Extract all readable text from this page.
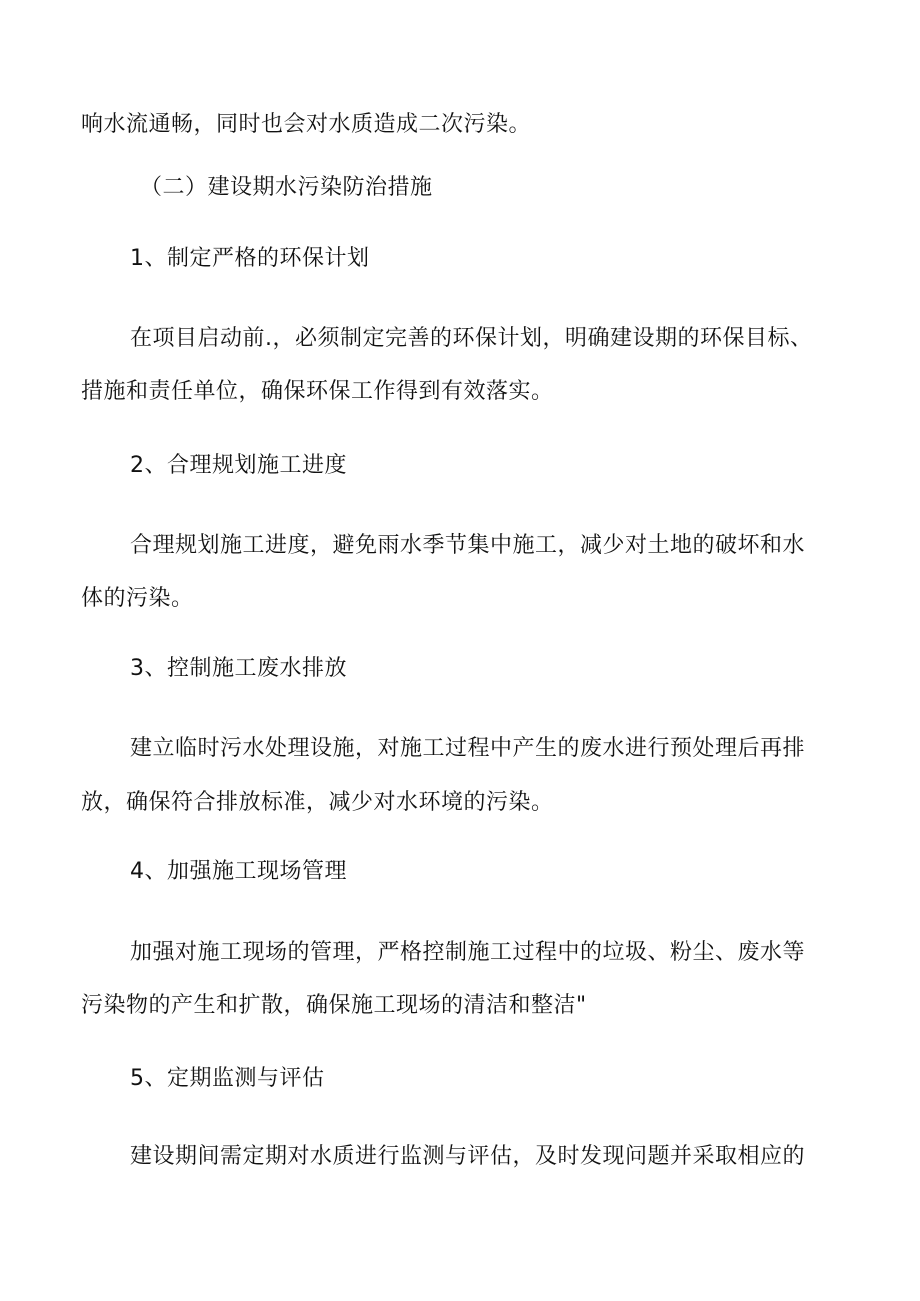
响水流通畅，同时也会对水质造成二次污染。

（二）建设期水污染防治措施

1、制定严格的环保计划

在项目启动前.，必须制定完善的环保计划，明确建设期的环保目标、

措施和责任单位，确保环保工作得到有效落实。

2、合理规划施工进度

合理规划施工进度，避免雨水季节集中施工，减少对土地的破坏和水

体的污染。

3、控制施工废水排放

建立临时污水处理设施，对施工过程中产生的废水进行预处理后再排

放，确保符合排放标准，减少对水环境的污染。

4、加强施工现场管理

加强对施工现场的管理，严格控制施工过程中的垃圾、粉尘、废水等

污染物的产生和扩散，确保施工现场的清洁和整洁"

5、定期监测与评估

建设期间需定期对水质进行监测与评估，及时发现问题并采取相应的
